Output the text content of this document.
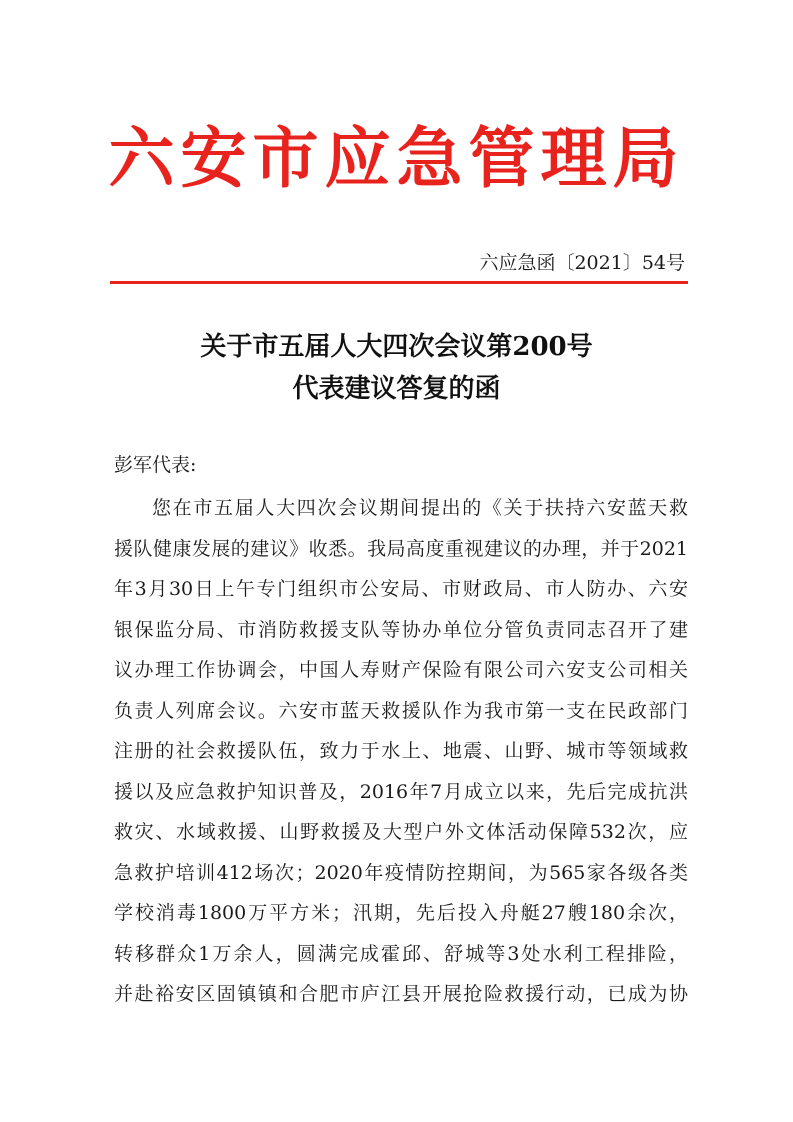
六安市应急管理局
六应急函〔2021〕54号
关于市五届人大四次会议第200号
代表建议答复的函
彭军代表:
您在市五届人大四次会议期间提出的《关于扶持六安蓝天救
援队健康发展的建议》收悉。我局高度重视建议的办理，并于2021
年3月30日上午专门组织市公安局、市财政局、市人防办、六安
银保监分局、市消防救援支队等协办单位分管负责同志召开了建
议办理工作协调会，中国人寿财产保险有限公司六安支公司相关
负责人列席会议。六安市蓝天救援队作为我市第一支在民政部门
注册的社会救援队伍，致力于水上、地震、山野、城市等领域救
援以及应急救护知识普及，2016年7月成立以来，先后完成抗洪
救灾、水域救援、山野救援及大型户外文体活动保障532次，应
急救护培训412场次；2020年疫情防控期间，为565家各级各类
学校消毒1800万平方米；汛期，先后投入舟艇27艘180余次，
转移群众1万余人，圆满完成霍邱、舒城等3处水利工程排险，
并赴裕安区固镇镇和合肥市庐江县开展抢险救援行动，已成为协
